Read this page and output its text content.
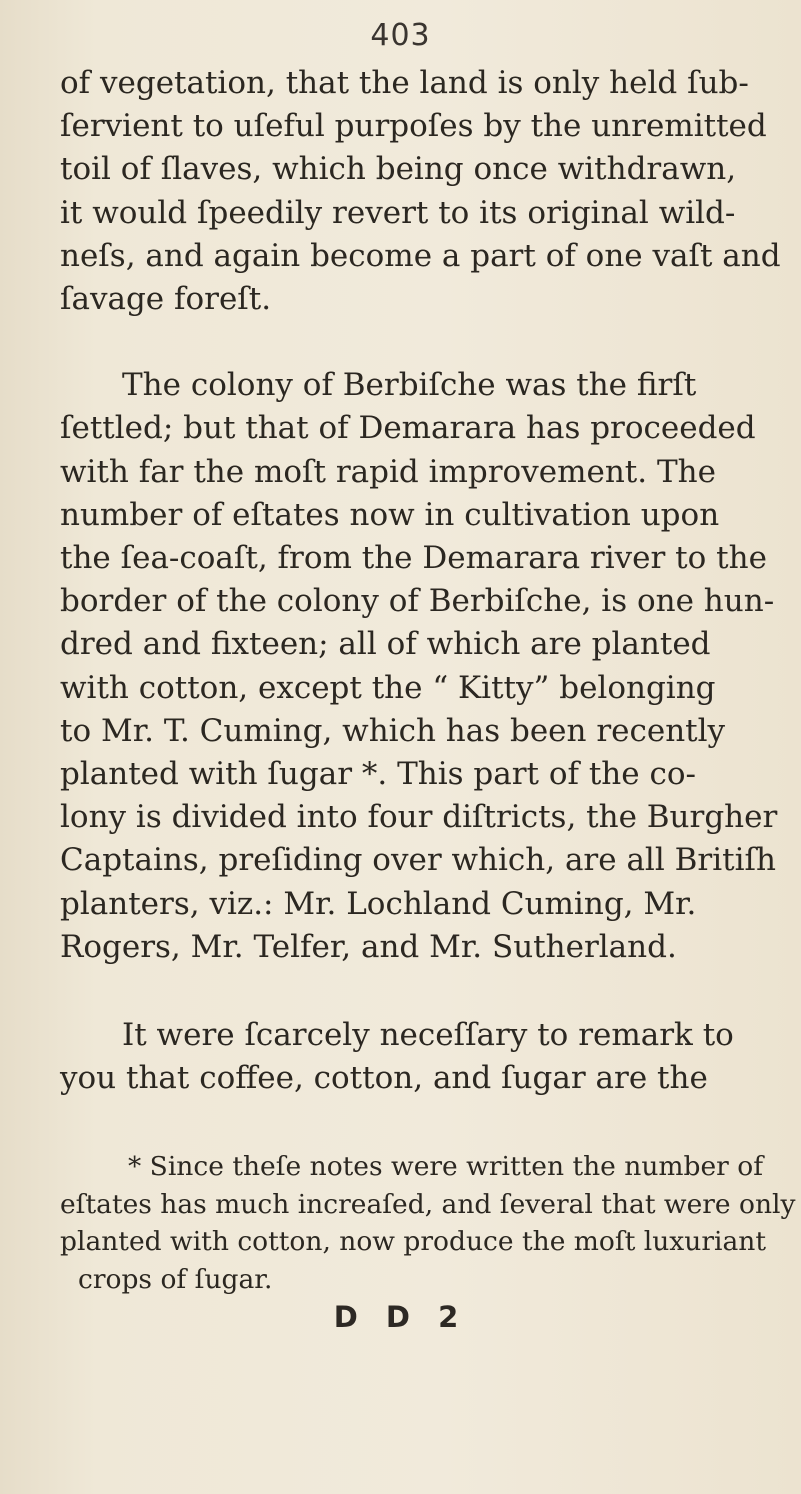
403

of vegetation, that the land is only held ſub-
ſervient to uſeful purpoſes by the unremitted
toil of ſlaves, which being once withdrawn,
it would ſpeedily revert to its original wild-
neſs, and again become a part of one vaſt and
ſavage foreſt.

The colony of Berbiſche was the firſt
ſettled; but that of Demarara has proceeded
with far the moſt rapid improvement. The
number of eſtates now in cultivation upon
the ſea-coaſt, from the Demarara river to the
border of the colony of Berbiſche, is one hun-
dred and fixteen; all of which are planted
with cotton, except the “ Kitty” belonging
to Mr. T. Cuming, which has been recently
planted with ſugar *. This part of the co-
lony is divided into four diſtricts, the Burgher
Captains, preſiding over which, are all Britiſh
planters, viz.: Mr. Lochland Cuming, Mr.
Rogers, Mr. Telfer, and Mr. Sutherland.

It were ſcarcely neceſſary to remark to
you that coffee, cotton, and ſugar are the

* Since theſe notes were written the number of
eſtates has much increaſed, and ſeveral that were only
planted with cotton, now produce the moſt luxuriant
crops of ſugar.
D D 2
